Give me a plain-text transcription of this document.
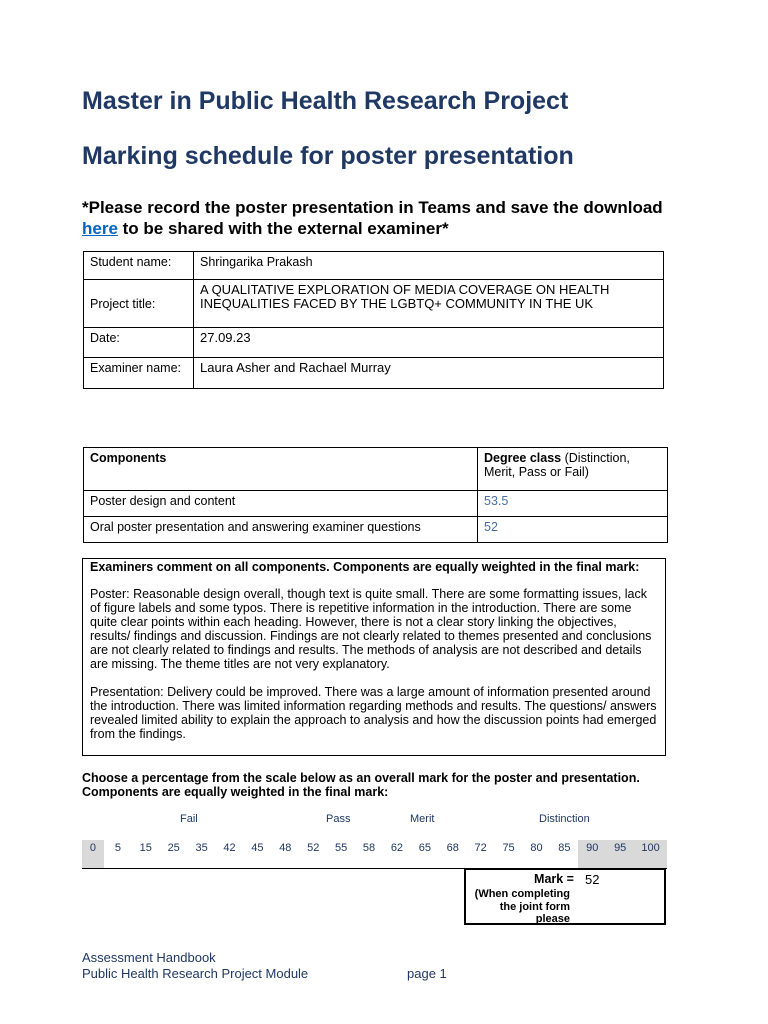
Master in Public Health Research Project
Marking schedule for poster presentation
*Please record the poster presentation in Teams and save the download here to be shared with the external examiner*
Student name:	Shringarika Prakash
Project title:	A QUALITATIVE EXPLORATION OF MEDIA COVERAGE ON HEALTH INEQUALITIES FACED BY THE LGBTQ+ COMMUNITY IN THE UK
Date:	27.09.23
Examiner name:	Laura Asher and Rachael Murray
Components	Degree class (Distinction, Merit, Pass or Fail)
Poster design and content	53.5
Oral poster presentation and answering examiner questions	52

Examiners comment on all components. Components are equally weighted in the final mark:

Poster: Reasonable design overall, though text is quite small. There are some formatting issues, lack of figure labels and some typos. There is repetitive information in the introduction. There are some quite clear points within each heading. However, there is not a clear story linking the objectives, results/ findings and discussion. Findings are not clearly related to themes presented and conclusions are not clearly related to findings and results. The methods of analysis are not described and details are missing. The theme titles are not very explanatory.

Presentation: Delivery could be improved. There was a large amount of information presented around the introduction. There was limited information regarding methods and results. The questions/ answers revealed limited ability to explain the approach to analysis and how the discussion points had emerged from the findings.

Choose a percentage from the scale below as an overall mark for the poster and presentation. Components are equally weighted in the final mark:
Fail	Pass	Merit	Distinction
0	5	15	25	35	42	45	48	52	55	58	62	65	68	72	75	80	85	90	95	100
Mark =
(When completing the joint form please
52
Assessment Handbook
Public Health Research Project Module	page 1
